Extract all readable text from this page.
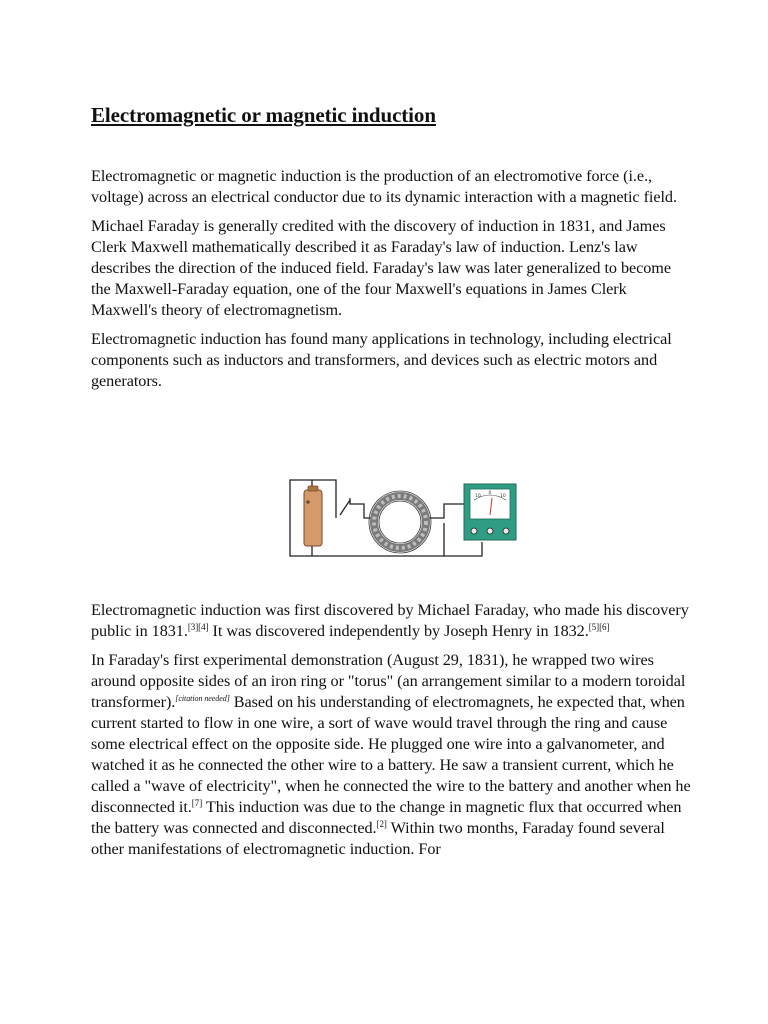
Electromagnetic or magnetic induction

Electromagnetic or magnetic induction is the production of an electromotive force (i.e., voltage) across an electrical conductor due to its dynamic interaction with a magnetic field.

Michael Faraday is generally credited with the discovery of induction in 1831, and James Clerk Maxwell mathematically described it as Faraday's law of induction. Lenz's law describes the direction of the induced field. Faraday's law was later generalized to become the Maxwell-Faraday equation, one of the four Maxwell's equations in James Clerk Maxwell's theory of electromagnetism.

Electromagnetic induction has found many applications in technology, including electrical components such as inductors and transformers, and devices such as electric motors and generators.

10
0
10

Electromagnetic induction was first discovered by Michael Faraday, who made his discovery public in 1831.[3][4] It was discovered independently by Joseph Henry in 1832.[5][6]

In Faraday's first experimental demonstration (August 29, 1831), he wrapped two wires around opposite sides of an iron ring or "torus" (an arrangement similar to a modern toroidal transformer).[citation needed] Based on his understanding of electromagnets, he expected that, when current started to flow in one wire, a sort of wave would travel through the ring and cause some electrical effect on the opposite side. He plugged one wire into a galvanometer, and watched it as he connected the other wire to a battery. He saw a transient current, which he called a "wave of electricity", when he connected the wire to the battery and another when he disconnected it.[7] This induction was due to the change in magnetic flux that occurred when the battery was connected and disconnected.[2] Within two months, Faraday found several other manifestations of electromagnetic induction. For
